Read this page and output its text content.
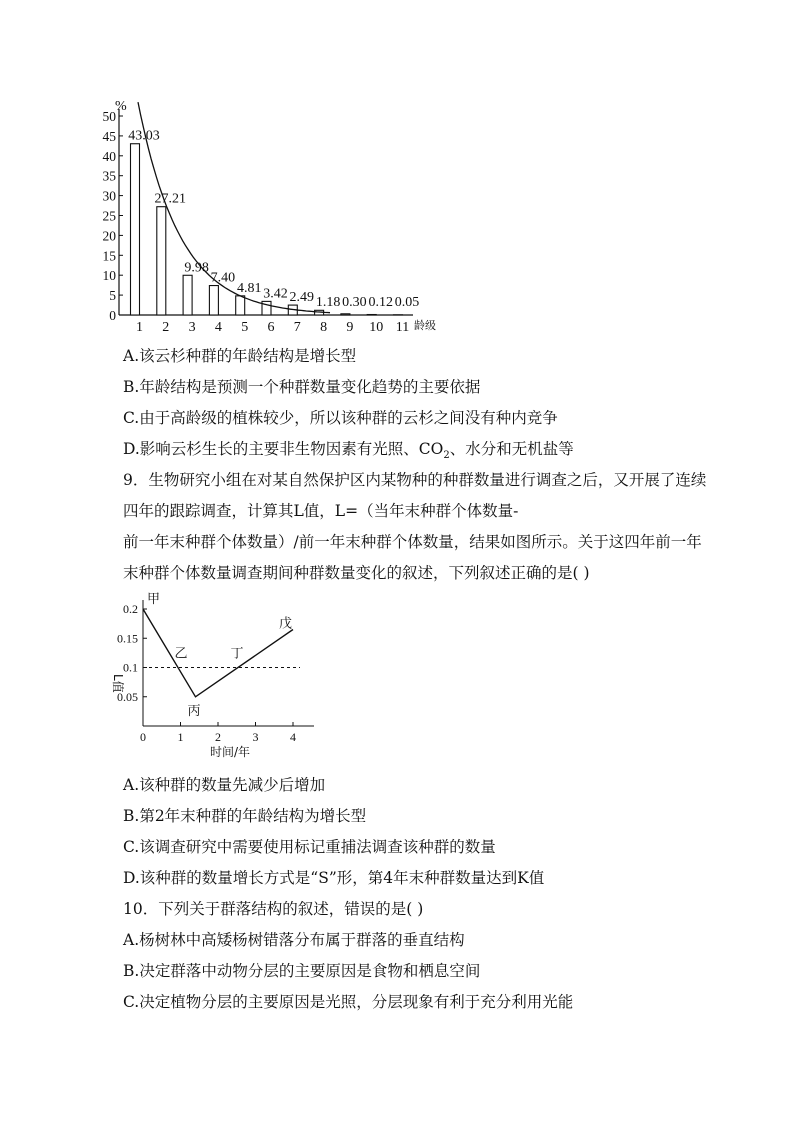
0
5
10
15
20
25
30
35
40
45
50
1
43.03
2
27.21
3
9.98
4
7.40
5
4.81
6
3.42
7
2.49
8
1.18
9
0.30
10
0.12
11
0.05
%
龄级
A.该云杉种群的年龄结构是增长型
B.年龄结构是预测一个种群数量变化趋势的主要依据
C.由于高龄级的植株较少，所以该种群的云杉之间没有种内竞争
D.影响云杉生长的主要非生物因素有光照、$CO_2$、水分和无机盐等
9．生物研究小组在对某自然保护区内某物种的种群数量进行调查之后，又开展了连续
四年的跟踪调查，计算其L值，L=（当年末种群个体数量-
前一年末种群个体数量）/前一年末种群个体数量，结果如图所示。关于这四年前一年
末种群个体数量调查期间种群数量变化的叙述，下列叙述正确的是( )
0	1	2	3	4
0.05
0.1
0.15
0.2
甲
乙
丙
丁
戊
L值
时间/年
A.该种群的数量先减少后增加
B.第2年末种群的年龄结构为增长型
C.该调查研究中需要使用标记重捕法调查该种群的数量
D.该种群的数量增长方式是“S”形，第4年末种群数量达到K值
10．下列关于群落结构的叙述，错误的是( )
A.杨树林中高矮杨树错落分布属于群落的垂直结构
B.决定群落中动物分层的主要原因是食物和栖息空间
C.决定植物分层的主要原因是光照，分层现象有利于充分利用光能
